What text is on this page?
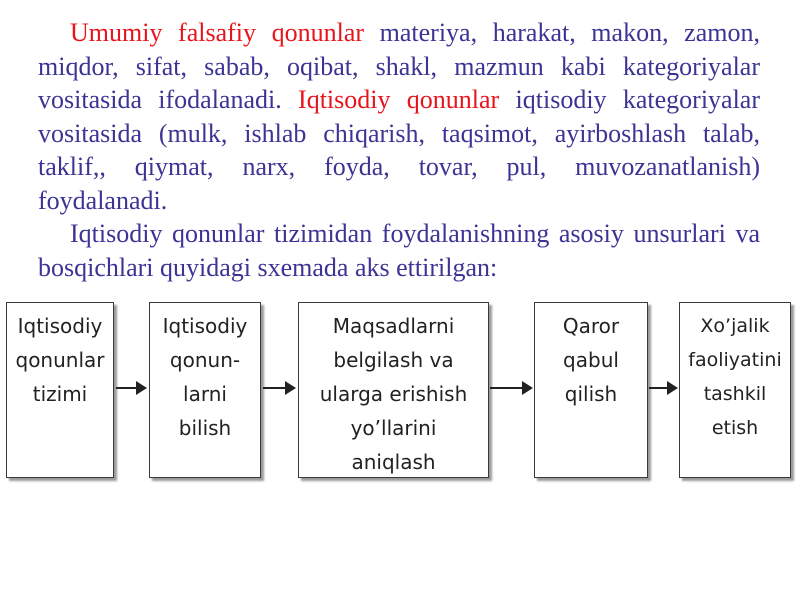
Umumiy falsafiy qonunlar materiya, harakat, makon, zamon, miqdor, sifat, sabab, oqibat, shakl, mazmun kabi kategoriyalar vositasida ifodalanadi. Iqtisodiy qonunlar iqtisodiy kategoriyalar vositasida (mulk, ishlab chiqarish, taqsimot, ayirboshlash talab, taklif,, qiymat, narx, foyda, tovar, pul, muvozanatlanish) foydalanadi.

Iqtisodiy qonunlar tizimidan foydalanishning asosiy unsurlari va bosqichlari quyidagi sxemada aks ettirilgan:

Iqtisodiy
qonunlar
tizimi
Iqtisodiy
qonun-
larni
bilish
Maqsadlarni
belgilash va
ularga erishish
yo’llarini
aniqlash
Qaror
qabul
qilish
Xo’jalik
faoliyatini
tashkil
etish
